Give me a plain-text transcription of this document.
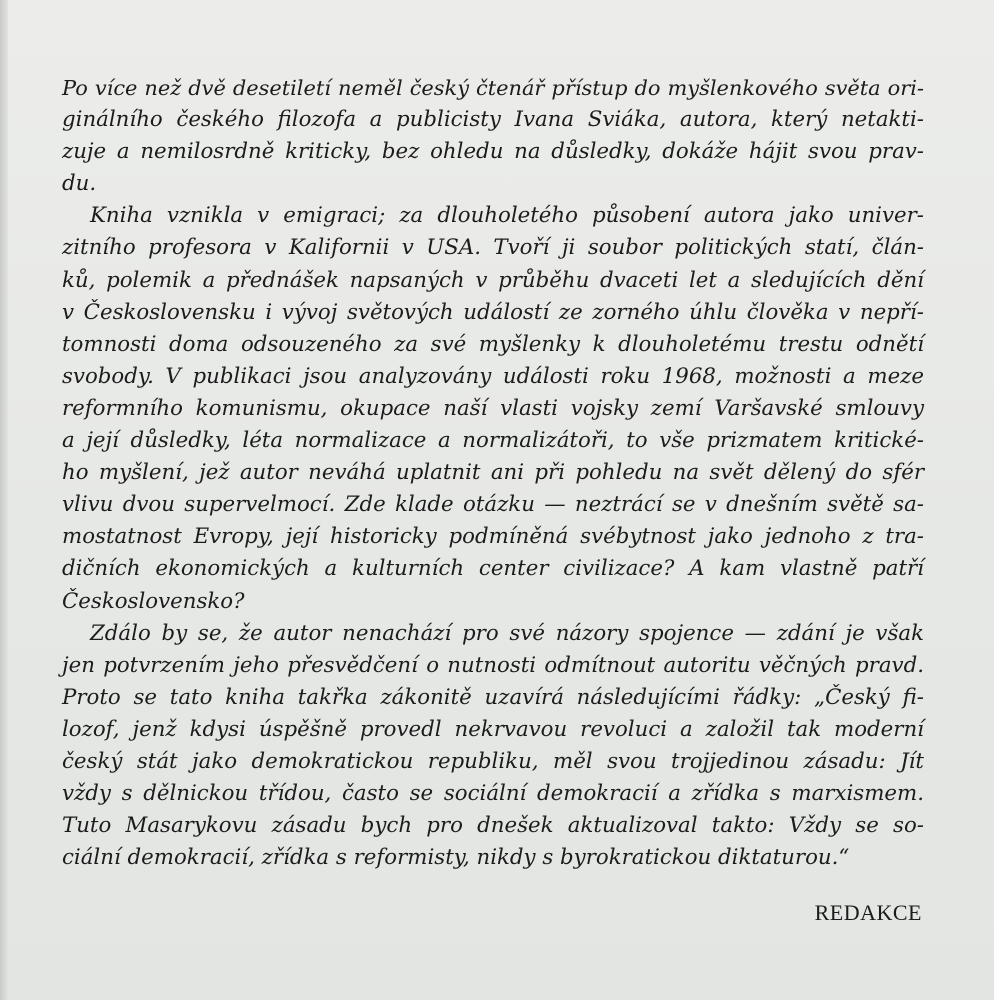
Po více než dvě desetiletí neměl český čtenář přístup do myšlenkového světa ori-
ginálního českého filozofa a publicisty Ivana Sviáka, autora, který netakti-
zuje a nemilosrdně kriticky, bez ohledu na důsledky, dokáže hájit svou prav-
du.
Kniha vznikla v emigraci; za dlouholetého působení autora jako univer-
zitního profesora v Kalifornii v USA. Tvoří ji soubor politických statí, člán-
ků, polemik a přednášek napsaných v průběhu dvaceti let a sledujících dění
v Československu i vývoj světových událostí ze zorného úhlu člověka v nepří-
tomnosti doma odsouzeného za své myšlenky k dlouholetému trestu odnětí
svobody. V publikaci jsou analyzovány události roku 1968, možnosti a meze
reformního komunismu, okupace naší vlasti vojsky zemí Varšavské smlouvy
a její důsledky, léta normalizace a normalizátoři, to vše prizmatem kritické-
ho myšlení, jež autor neváhá uplatnit ani při pohledu na svět dělený do sfér
vlivu dvou supervelmocí. Zde klade otázku — neztrácí se v dnešním světě sa-
mostatnost Evropy, její historicky podmíněná svébytnost jako jednoho z tra-
dičních ekonomických a kulturních center civilizace? A kam vlastně patří
Československo?
Zdálo by se, že autor nenachází pro své názory spojence — zdání je však
jen potvrzením jeho přesvědčení o nutnosti odmítnout autoritu věčných pravd.
Proto se tato kniha takřka zákonitě uzavírá následujícími řádky: „Český fi-
lozof, jenž kdysi úspěšně provedl nekrvavou revoluci a založil tak moderní
český stát jako demokratickou republiku, měl svou trojjedinou zásadu: Jít
vždy s dělnickou třídou, často se sociální demokracií a zřídka s marxismem.
Tuto Masarykovu zásadu bych pro dnešek aktualizoval takto: Vždy se so-
ciální demokracií, zřídka s reformisty, nikdy s byrokratickou diktaturou.“
REDAKCE
